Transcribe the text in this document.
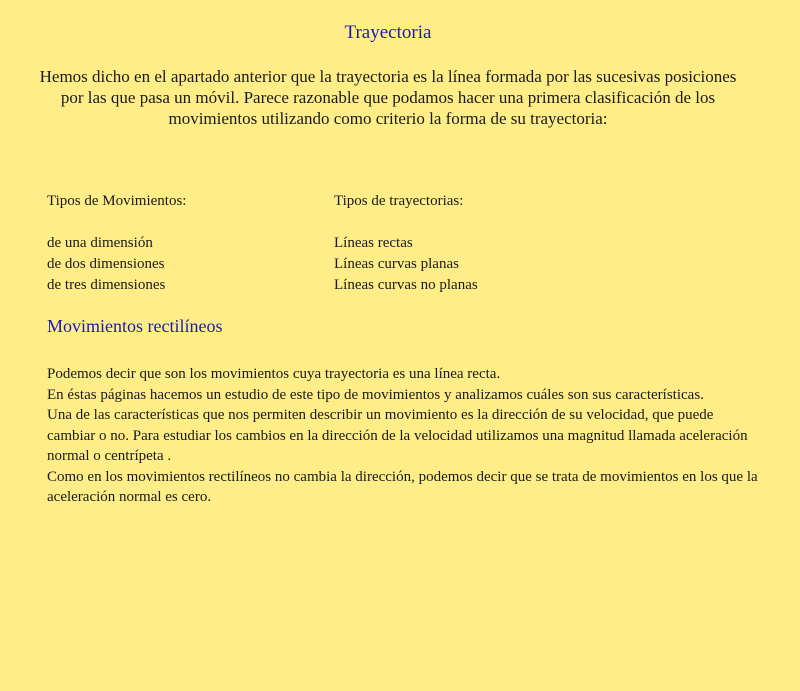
Trayectoria
Hemos dicho en el apartado anterior que la trayectoria es la línea formada por las sucesivas posiciones por las que pasa un móvil. Parece razonable que podamos hacer una primera clasificación de los movimientos utilizando como criterio la forma de su trayectoria:
Tipos de Movimientos:
de una dimensión
de dos dimensiones
de tres dimensiones
Tipos de trayectorias:
Líneas rectas
Líneas curvas planas
Líneas curvas no planas
Movimientos rectilíneos

Podemos decir que son los movimientos cuya trayectoria es una línea recta.

En éstas páginas hacemos un estudio de este tipo de movimientos y analizamos cuáles son sus características.

Una de las características que nos permiten describir un movimiento es la dirección de su velocidad, que puede cambiar o no. Para estudiar los cambios en la dirección de la velocidad utilizamos una magnitud llamada aceleración normal o centrípeta .

Como en los movimientos rectilíneos no cambia la dirección, podemos decir que se trata de movimientos en los que la aceleración normal es cero.
